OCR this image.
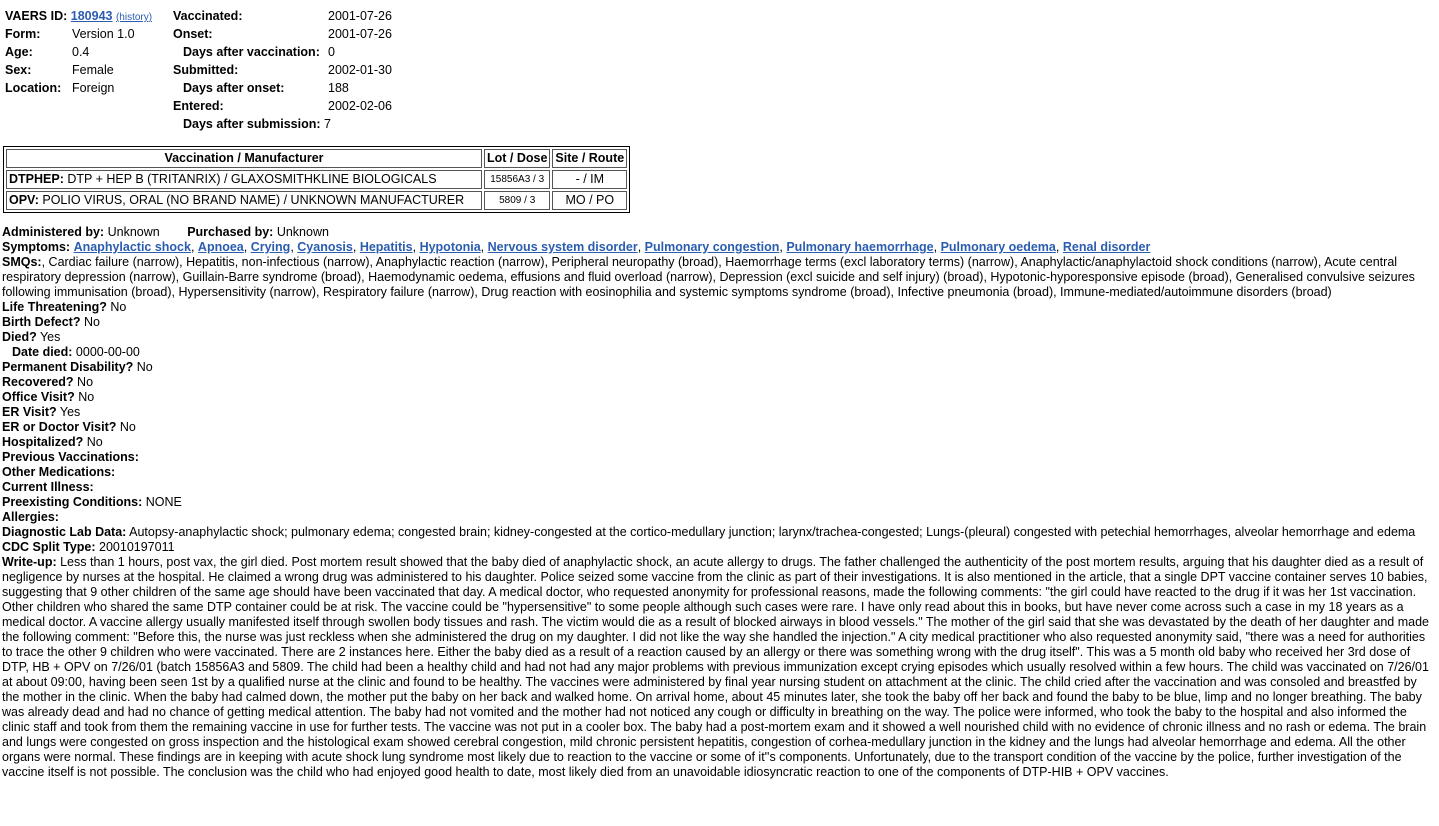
VAERS ID: 180943 (history)
Form:	Version 1.0
Age:	0.4
Sex:	Female
Location: Foreign
Vaccinated:	2001-07-26
Onset:	2001-07-26
Days after vaccination: 0
Submitted:	2002-01-30
Days after onset:	188
Entered:	2002-02-06
Days after submission: 7
Vaccination / Manufacturer	Lot / Dose	Site / Route
DTPHEP: DTP + HEP B (TRITANRIX) / GLAXOSMITHKLINE BIOLOGICALS	15856A3 / 3	- / IM
OPV: POLIO VIRUS, ORAL (NO BRAND NAME) / UNKNOWN MANUFACTURER	5809 / 3	MO / PO
Administered by: Unknown Purchased by: Unknown
Symptoms: Anaphylactic shock, Apnoea, Crying, Cyanosis, Hepatitis, Hypotonia, Nervous system disorder, Pulmonary congestion, Pulmonary haemorrhage, Pulmonary oedema, Renal disorder
SMQs:, Cardiac failure (narrow), Hepatitis, non-infectious (narrow), Anaphylactic reaction (narrow), Peripheral neuropathy (broad), Haemorrhage terms (excl laboratory terms) (narrow), Anaphylactic/anaphylactoid shock conditions (narrow), Acute central respiratory depression (narrow), Guillain-Barre syndrome (broad), Haemodynamic oedema, effusions and fluid overload (narrow), Depression (excl suicide and self injury) (broad), Hypotonic-hyporesponsive episode (broad), Generalised convulsive seizures following immunisation (broad), Hypersensitivity (narrow), Respiratory failure (narrow), Drug reaction with eosinophilia and systemic symptoms syndrome (broad), Infective pneumonia (broad), Immune-mediated/autoimmune disorders (broad)
Life Threatening? No
Birth Defect? No
Died? Yes
Date died: 0000-00-00
Permanent Disability? No
Recovered? No
Office Visit? No
ER Visit? Yes
ER or Doctor Visit? No
Hospitalized? No
Previous Vaccinations:
Other Medications:
Current Illness:
Preexisting Conditions: NONE
Allergies:
Diagnostic Lab Data: Autopsy-anaphylactic shock; pulmonary edema; congested brain; kidney-congested at the cortico-medullary junction; larynx/trachea-congested; Lungs-(pleural) congested with petechial hemorrhages, alveolar hemorrhage and edema
CDC Split Type: 20010197011
Write-up: Less than 1 hours, post vax, the girl died. Post mortem result showed that the baby died of anaphylactic shock, an acute allergy to drugs. The father challenged the authenticity of the post mortem results, arguing that his daughter died as a result of negligence by nurses at the hospital. He claimed a wrong drug was administered to his daughter. Police seized some vaccine from the clinic as part of their investigations. It is also mentioned in the article, that a single DPT vaccine container serves 10 babies, suggesting that 9 other children of the same age should have been vaccinated that day. A medical doctor, who requested anonymity for professional reasons, made the following comments: "the girl could have reacted to the drug if it was her 1st vaccination. Other children who shared the same DTP container could be at risk. The vaccine could be "hypersensitive" to some people although such cases were rare. I have only read about this in books, but have never come across such a case in my 18 years as a medical doctor. A vaccine allergy usually manifested itself through swollen body tissues and rash. The victim would die as a result of blocked airways in blood vessels." The mother of the girl said that she was devastated by the death of her daughter and made the following comment: "Before this, the nurse was just reckless when she administered the drug on my daughter. I did not like the way she handled the injection." A city medical practitioner who also requested anonymity said, "there was a need for authorities to trace the other 9 children who were vaccinated. There are 2 instances here. Either the baby died as a result of a reaction caused by an allergy or there was something wrong with the drug itself". This was a 5 month old baby who received her 3rd dose of DTP, HB + OPV on 7/26/01 (batch 15856A3 and 5809. The child had been a healthy child and had not had any major problems with previous immunization except crying episodes which usually resolved within a few hours. The child was vaccinated on 7/26/01 at about 09:00, having been seen 1st by a qualified nurse at the clinic and found to be healthy. The vaccines were administered by final year nursing student on attachment at the clinic. The child cried after the vaccination and was consoled and breastfed by the mother in the clinic. When the baby had calmed down, the mother put the baby on her back and walked home. On arrival home, about 45 minutes later, she took the baby off her back and found the baby to be blue, limp and no longer breathing. The baby was already dead and had no chance of getting medical attention. The baby had not vomited and the mother had not noticed any cough or difficulty in breathing on the way. The police were informed, who took the baby to the hospital and also informed the clinic staff and took from them the remaining vaccine in use for further tests. The vaccine was not put in a cooler box. The baby had a post-mortem exam and it showed a well nourished child with no evidence of chronic illness and no rash or edema. The brain and lungs were congested on gross inspection and the histological exam showed cerebral congestion, mild chronic persistent hepatitis, congestion of corhea-medullary junction in the kidney and the lungs had alveolar hemorrhage and edema. All the other organs were normal. These findings are in keeping with acute shock lung syndrome most likely due to reaction to the vaccine or some of it''s components. Unfortunately, due to the transport condition of the vaccine by the police, further investigation of the vaccine itself is not possible. The conclusion was the child who had enjoyed good health to date, most likely died from an unavoidable idiosyncratic reaction to one of the components of DTP-HIB + OPV vaccines.
